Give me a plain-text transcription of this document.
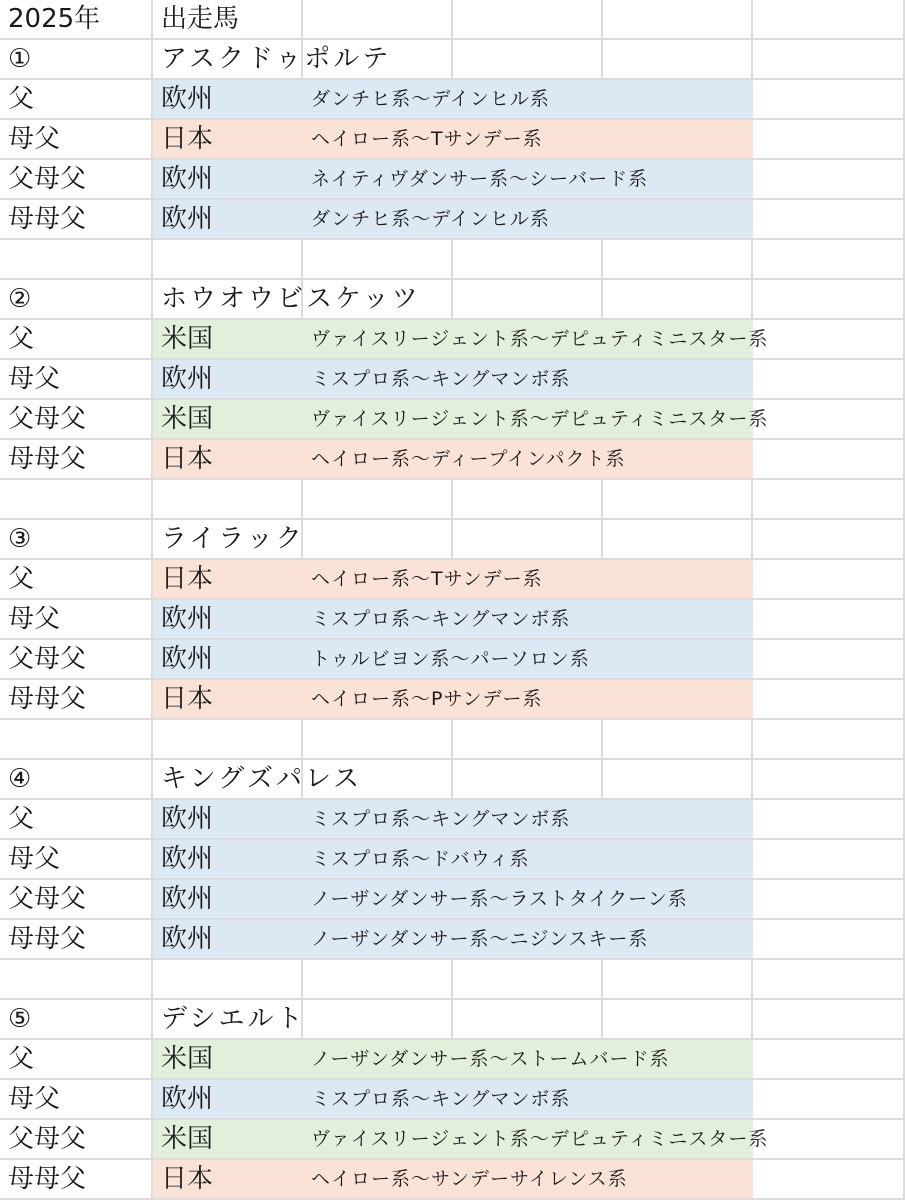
2025年 出走馬
①	アスクドゥポルテ
父	欧州	ダンチヒ系～デインヒル系
母父	日本	ヘイロー系～Tサンデー系
父母父	欧州	ネイティヴダンサー系～シーバード系
母母父	欧州	ダンチヒ系～デインヒル系
②	ホウオウビスケッツ
父	米国	ヴァイスリージェント系～デピュティミニスター系
母父	欧州	ミスプロ系～キングマンボ系
父母父	米国	ヴァイスリージェント系～デピュティミニスター系
母母父	日本	ヘイロー系～ディープインパクト系
③	ライラック
父	日本	ヘイロー系～Tサンデー系
母父	欧州	ミスプロ系～キングマンボ系
父母父	欧州	トゥルビヨン系～パーソロン系
母母父	日本	ヘイロー系～Pサンデー系
④	キングズパレス
父	欧州	ミスプロ系～キングマンボ系
母父	欧州	ミスプロ系～ドバウィ系
父母父	欧州	ノーザンダンサー系～ラストタイクーン系
母母父	欧州	ノーザンダンサー系～ニジンスキー系
⑤	デシエルト
父	米国	ノーザンダンサー系～ストームバード系
母父	欧州	ミスプロ系～キングマンボ系
父母父	米国	ヴァイスリージェント系～デピュティミニスター系
母母父	日本	ヘイロー系～サンデーサイレンス系
